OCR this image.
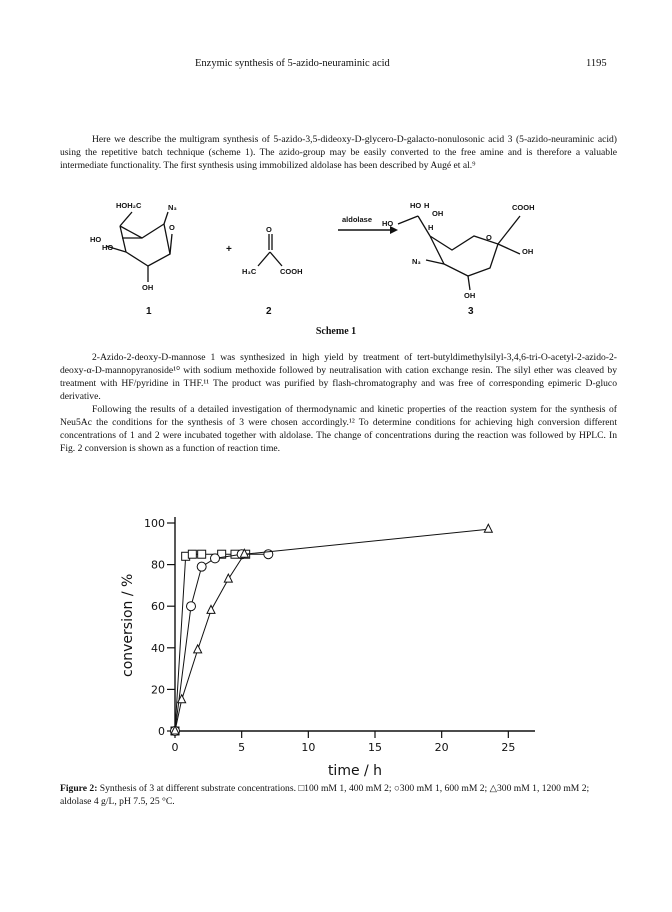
Enzymic synthesis of 5-azido-neuraminic acid	1195

Here we describe the multigram synthesis of 5-azido-3,5-dideoxy-D-glycero-D-galacto-nonulosonic acid 3 (5-azido-neuraminic acid) using the repetitive batch technique (scheme 1). The azido-group may be easily converted to the free amine and is therefore a valuable intermediate functionality. The first synthesis using immobilized aldolase has been described by Augé et al.⁹

aldolase
+
HOH₂C	N₃
O
HO
HO
OH
O
H₃C	COOH
HO H
OH
COOH
HO	H
O
OH
N₃
OH
1	2	3
Scheme 1

2-Azido-2-deoxy-D-mannose 1 was synthesized in high yield by treatment of tert-butyldimethylsilyl-3,4,6-tri-O-acetyl-2-azido-2-deoxy-α-D-mannopyranoside¹⁰ with sodium methoxide followed by neutralisation with cation exchange resin. The silyl ether was cleaved by treatment with HF/pyridine in THF.¹¹ The product was purified by flash-chromatography and was free of corresponding epimeric D-gluco derivative.

Following the results of a detailed investigation of thermodynamic and kinetic properties of the reaction system for the synthesis of Neu5Ac the conditions for the synthesis of 3 were chosen accordingly.¹² To determine conditions for achieving high conversion different concentrations of 1 and 2 were incubated together with aldolase. The change of concentrations during the reaction was followed by HPLC. In Fig. 2 conversion is shown as a function of reaction time.

0
20
40
60
80
100
0	5	10	15	20	25
conversion / %
time / h
Figure 2: Synthesis of 3 at different substrate concentrations. □100 mM 1, 400 mM 2; ○300 mM 1, 600 mM 2; △300 mM 1, 1200 mM 2; aldolase 4 g/L, pH 7.5, 25 °C.
